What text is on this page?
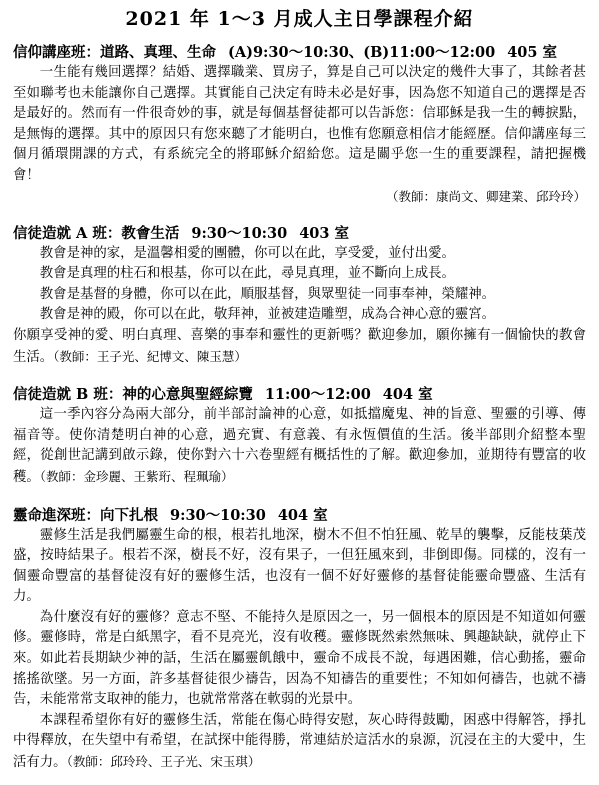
2021 年 1～3 月成人主日學課程介紹
信仰講座班：道路、真理、生命 (A)9:30～10:30、(B)11:00～12:00 405 室

一生能有幾回選擇？結婚、選擇職業、買房子，算是自己可以決定的幾件大事了，其餘者甚至如聯考也未能讓你自己選擇。其實能自己決定有時未必是好事，因為您不知道自己的選擇是否是最好的。然而有一件很奇妙的事，就是每個基督徒都可以告訴您：信耶穌是我一生的轉捩點，是無悔的選擇。其中的原因只有您來聽了才能明白，也惟有您願意相信才能經歷。信仰講座每三個月循環開課的方式，有系統完全的將耶穌介紹給您。這是關乎您一生的重要課程，請把握機會！

（教師：康尚文、卿建業、邱玲玲）

信徒造就 A 班：教會生活 9:30～10:30 403 室

教會是神的家，是溫馨相愛的團體，你可以在此，享受愛，並付出愛。

教會是真理的柱石和根基，你可以在此，尋見真理，並不斷向上成長。

教會是基督的身體，你可以在此，順服基督，與眾聖徒一同事奉神，榮耀神。

教會是神的殿，你可以在此，敬拜神，並被建造雕塑，成為合神心意的靈宮。

你願享受神的愛、明白真理、喜樂的事奉和靈性的更新嗎？歡迎參加，願你擁有一個愉快的教會生活。（教師：王子光、紀博文、陳玉慧）

信徒造就 B 班：神的心意與聖經綜覽 11:00～12:00 404 室

這一季內容分為兩大部分，前半部討論神的心意，如抵擋魔鬼、神的旨意、聖靈的引導、傳福音等。使你清楚明白神的心意，過充實、有意義、有永恆價值的生活。後半部則介紹整本聖經，從創世記講到啟示錄，使你對六十六卷聖經有概括性的了解。歡迎參加，並期待有豐富的收穫。（教師：金珍麗、王紫珩、程珮瑜）

靈命進深班：向下扎根 9:30～10:30 404 室

靈修生活是我們屬靈生命的根，根若扎地深，樹木不但不怕狂風、乾旱的襲擊，反能枝葉茂盛，按時結果子。根若不深，樹長不好，沒有果子，一但狂風來到，非倒即傷。同樣的，沒有一個靈命豐富的基督徒沒有好的靈修生活，也沒有一個不好好靈修的基督徒能靈命豐盛、生活有力。

為什麼沒有好的靈修？意志不堅、不能持久是原因之一，另一個根本的原因是不知道如何靈修。靈修時，常是白紙黑字，看不見亮光，沒有收穫。靈修既然索然無味、興趣缺缺，就停止下來。如此若長期缺少神的話，生活在屬靈飢餓中，靈命不成長不說，每遇困難，信心動搖，靈命搖搖欲墜。另一方面，許多基督徒很少禱告，因為不知禱告的重要性；不知如何禱告，也就不禱告，未能常常支取神的能力，也就常常落在軟弱的光景中。

本課程希望你有好的靈修生活，常能在傷心時得安慰，灰心時得鼓勵，困惑中得解答，掙扎中得釋放，在失望中有希望，在試探中能得勝，常連結於這活水的泉源，沉浸在主的大愛中，生活有力。（教師：邱玲玲、王子光、宋玉琪）
